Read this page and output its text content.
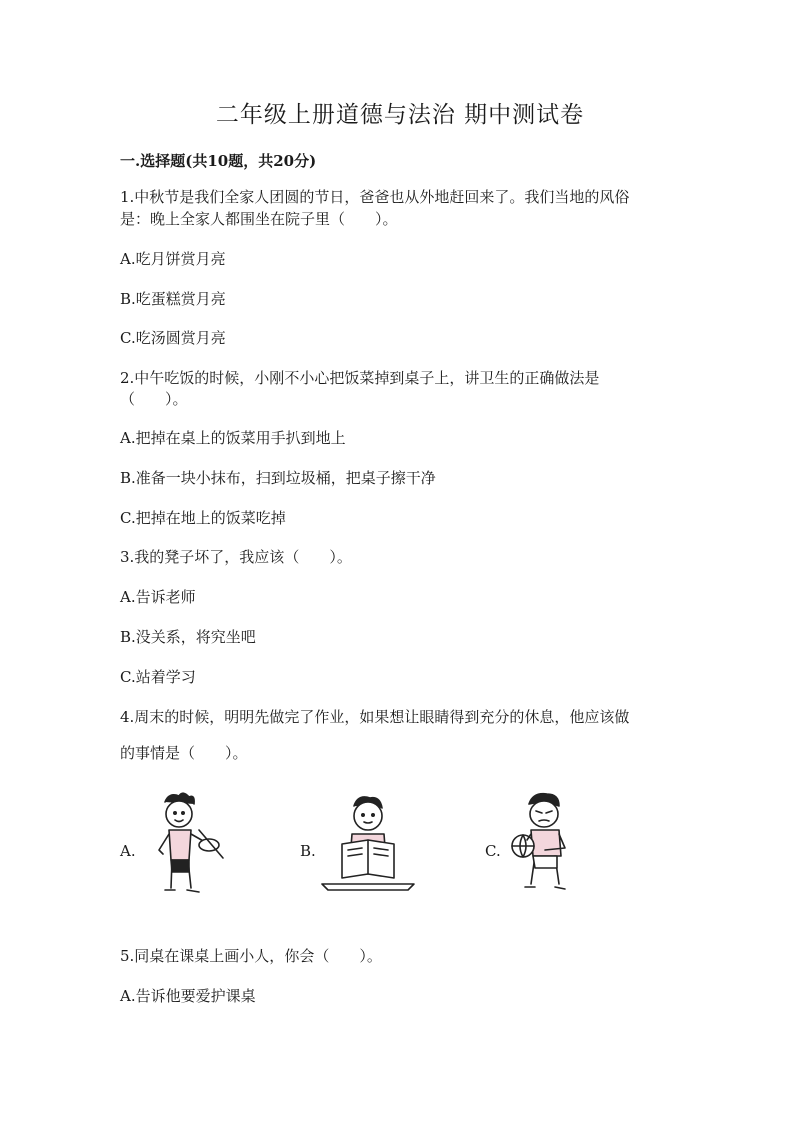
二年级上册道德与法治 期中测试卷
一.选择题(共10题，共20分)
1.中秋节是我们全家人团圆的节日，爸爸也从外地赶回来了。我们当地的风俗
是：晚上全家人都围坐在院子里（　　）。
A.吃月饼赏月亮
B.吃蛋糕赏月亮
C.吃汤圆赏月亮
2.中午吃饭的时候，小刚不小心把饭菜掉到桌子上，讲卫生的正确做法是
（　　）。
A.把掉在桌上的饭菜用手扒到地上
B.准备一块小抹布，扫到垃圾桶，把桌子擦干净
C.把掉在地上的饭菜吃掉
3.我的凳子坏了，我应该（　　）。
A.告诉老师
B.没关系，将究坐吧
C.站着学习
4.周末的时候，明明先做完了作业，如果想让眼睛得到充分的休息，他应该做
的事情是（　　）。
A.	B.	C.
5.同桌在课桌上画小人，你会（　　）。
A.告诉他要爱护课桌
